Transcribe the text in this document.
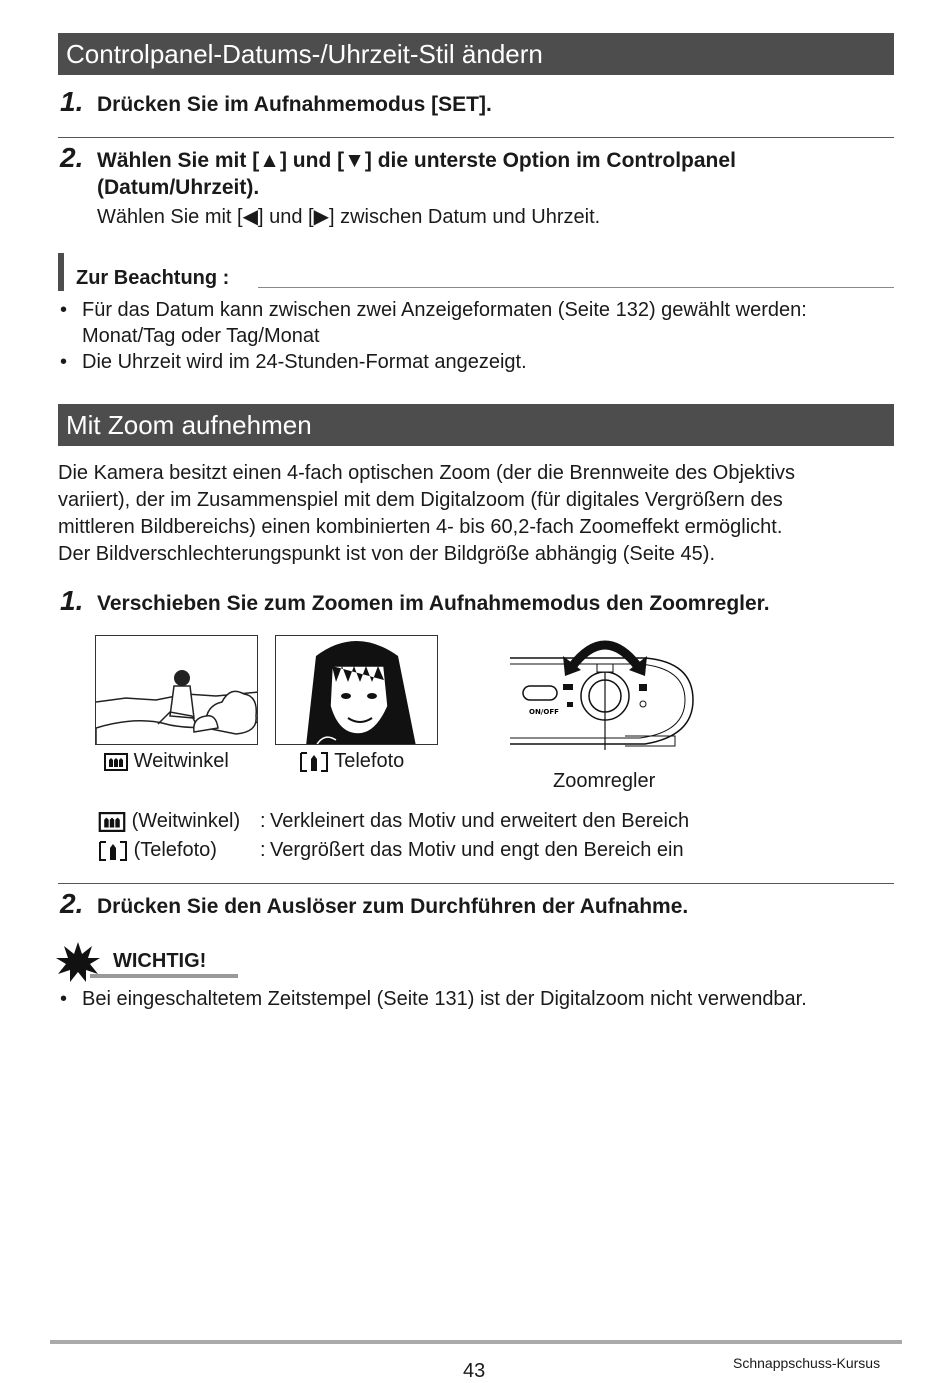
Controlpanel-Datums-/Uhrzeit-Stil ändern
1. Drücken Sie im Aufnahmemodus [SET].
2. Wählen Sie mit [▲] und [▼] die unterste Option im Controlpanel
(Datum/Uhrzeit).
Wählen Sie mit [◀] und [▶] zwischen Datum und Uhrzeit.
Zur Beachtung :
• Für das Datum kann zwischen zwei Anzeigeformaten (Seite 132) gewählt werden:
Monat/Tag oder Tag/Monat
• Die Uhrzeit wird im 24-Stunden-Format angezeigt.
Mit Zoom aufnehmen
Die Kamera besitzt einen 4-fach optischen Zoom (der die Brennweite des Objektivs
variiert), der im Zusammenspiel mit dem Digitalzoom (für digitales Vergrößern des
mittleren Bildbereichs) einen kombinierten 4- bis 60,2-fach Zoomeffekt ermöglicht.
Der Bildverschlechterungspunkt ist von der Bildgröße abhängig (Seite 45).
1. Verschieben Sie zum Zoomen im Aufnahmemodus den Zoomregler.
ON/OFF
Weitwinkel	Telefoto
Zoomregler
(Weitwinkel) : Verkleinert das Motiv und erweitert den Bereich
(Telefoto) : Vergrößert das Motiv und engt den Bereich ein
2. Drücken Sie den Auslöser zum Durchführen der Aufnahme.
WICHTIG!
• Bei eingeschaltetem Zeitstempel (Seite 131) ist der Digitalzoom nicht verwendbar.
43	Schnappschuss-Kursus
